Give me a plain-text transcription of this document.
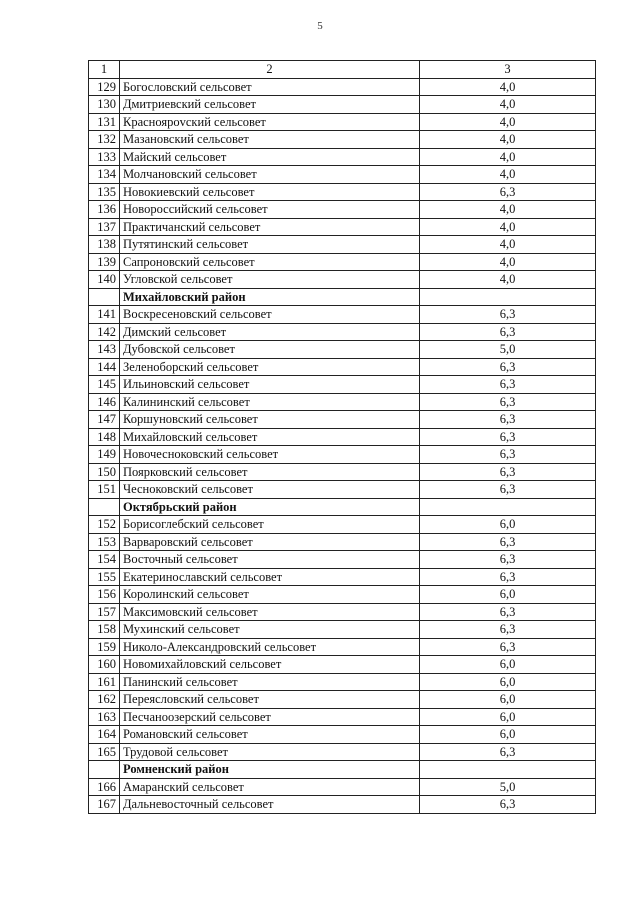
5
1	2	3
129	Богословский сельсовет	4,0
130	Дмитриевский сельсовет	4,0
131	Красноярovский сельсовет	4,0
132	Мазановский сельсовет	4,0
133	Майский сельсовет	4,0
134	Молчановский сельсовет	4,0
135	Новокиевский сельсовет	6,3
136	Новороссийский сельсовет	4,0
137	Практичанский сельсовет	4,0
138	Путятинский сельсовет	4,0
139	Сапроновский сельсовет	4,0
140	Угловской сельсовет	4,0
	Михайловский район	
141	Воскресеновский сельсовет	6,3
142	Димский сельсовет	6,3
143	Дубовской сельсовет	5,0
144	Зеленоборский сельсовет	6,3
145	Ильиновский сельсовет	6,3
146	Калининский сельсовет	6,3
147	Коршуновский сельсовет	6,3
148	Михайловский сельсовет	6,3
149	Новочесноковский сельсовет	6,3
150	Поярковский сельсовет	6,3
151	Чесноковский сельсовет	6,3
	Октябрьский район	
152	Борисоглебский сельсовет	6,0
153	Варваровский сельсовет	6,3
154	Восточный сельсовет	6,3
155	Екатеринославский сельсовет	6,3
156	Королинский сельсовет	6,0
157	Максимовский сельсовет	6,3
158	Мухинский сельсовет	6,3
159	Николо-Александровский сельсовет	6,3
160	Новомихайловский сельсовет	6,0
161	Панинский сельсовет	6,0
162	Переясловский сельсовет	6,0
163	Песчаноозерский сельсовет	6,0
164	Романовский сельсовет	6,0
165	Трудовой сельсовет	6,3
	Ромненский район	
166	Амаранский сельсовет	5,0
167	Дальневосточный сельсовет	6,3
